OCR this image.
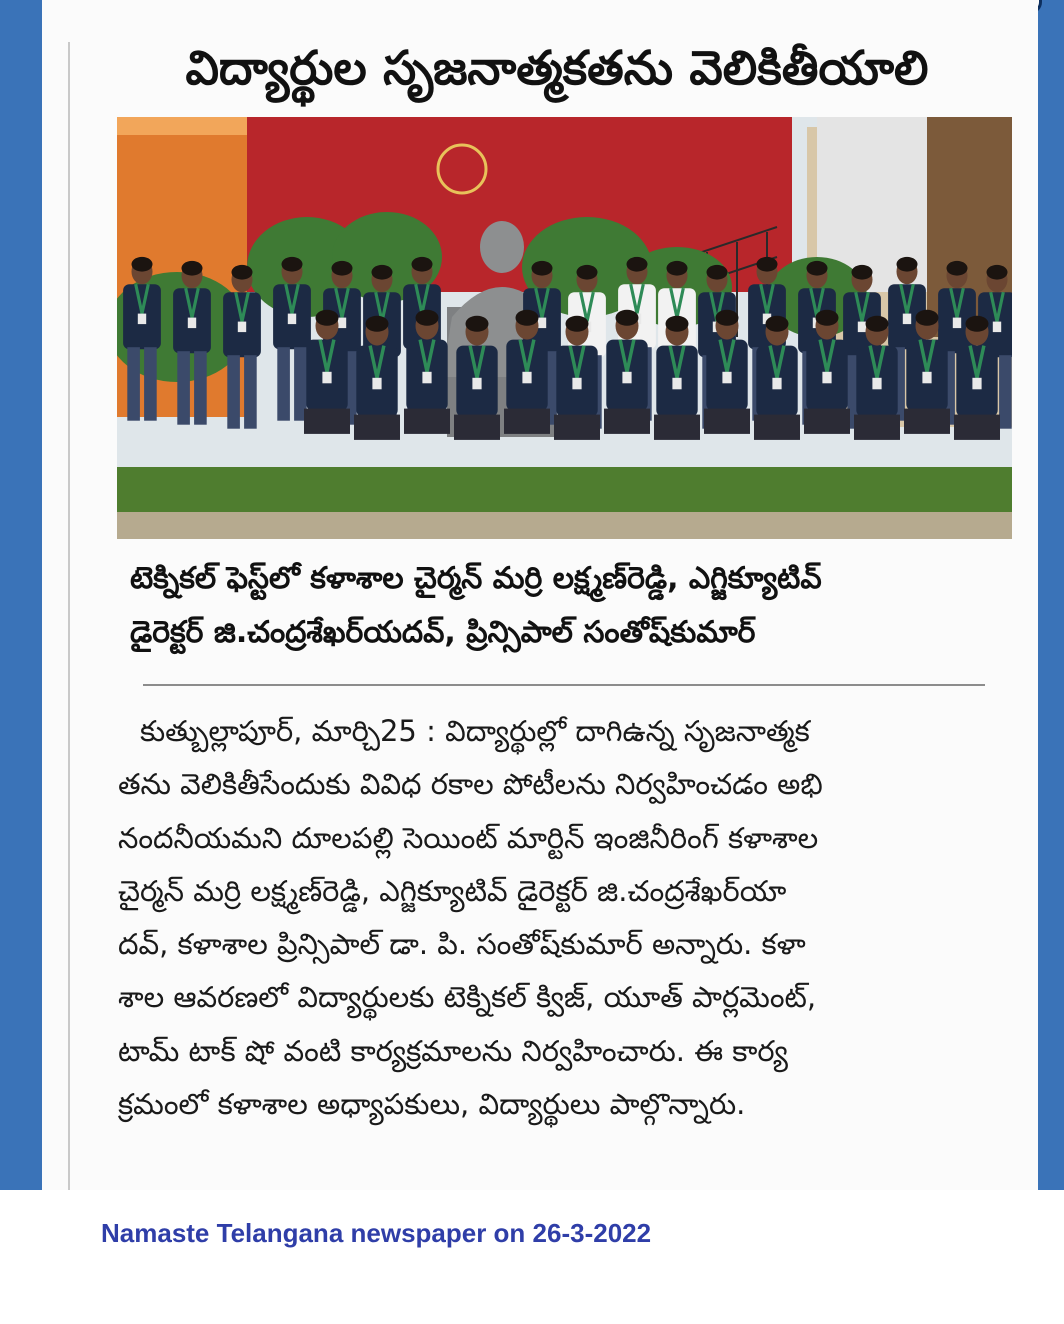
విద్యార్థుల సృజనాత్మకతను వెలికితీయాలి
టెక్నికల్ ఫెస్ట్‌లో కళాశాల చైర్మన్ మర్రి లక్ష్మణ్‌రెడ్డి, ఎగ్జిక్యూటివ్
డైరెక్టర్ జి.చంద్రశేఖర్‌యదవ్, ప్రిన్సిపాల్ సంతోష్‌కుమార్
కుత్బుల్లాపూర్, మార్చి25 : విద్యార్థుల్లో దాగిఉన్న సృజనాత్మక
తను వెలికితీసేందుకు వివిధ రకాల పోటీలను నిర్వహించడం అభి
నందనీయమని దూలపల్లి సెయింట్ మార్టిన్ ఇంజినీరింగ్ కళాశాల
చైర్మన్ మర్రి లక్ష్మణ్‌రెడ్డి, ఎగ్జిక్యూటివ్ డైరెక్టర్ జి.చంద్రశేఖర్‌యా
దవ్, కళాశాల ప్రిన్సిపాల్ డా. పి. సంతోష్‌కుమార్ అన్నారు. కళా
శాల ఆవరణలో విద్యార్థులకు టెక్నికల్ క్విజ్, యూత్ పార్లమెంట్,
టామ్ టాక్ షో వంటి కార్యక్రమాలను నిర్వహించారు. ఈ కార్య
క్రమంలో కళాశాల అధ్యాపకులు, విద్యార్థులు పాల్గొన్నారు.

Namaste Telangana newspaper on 26-3-2022
